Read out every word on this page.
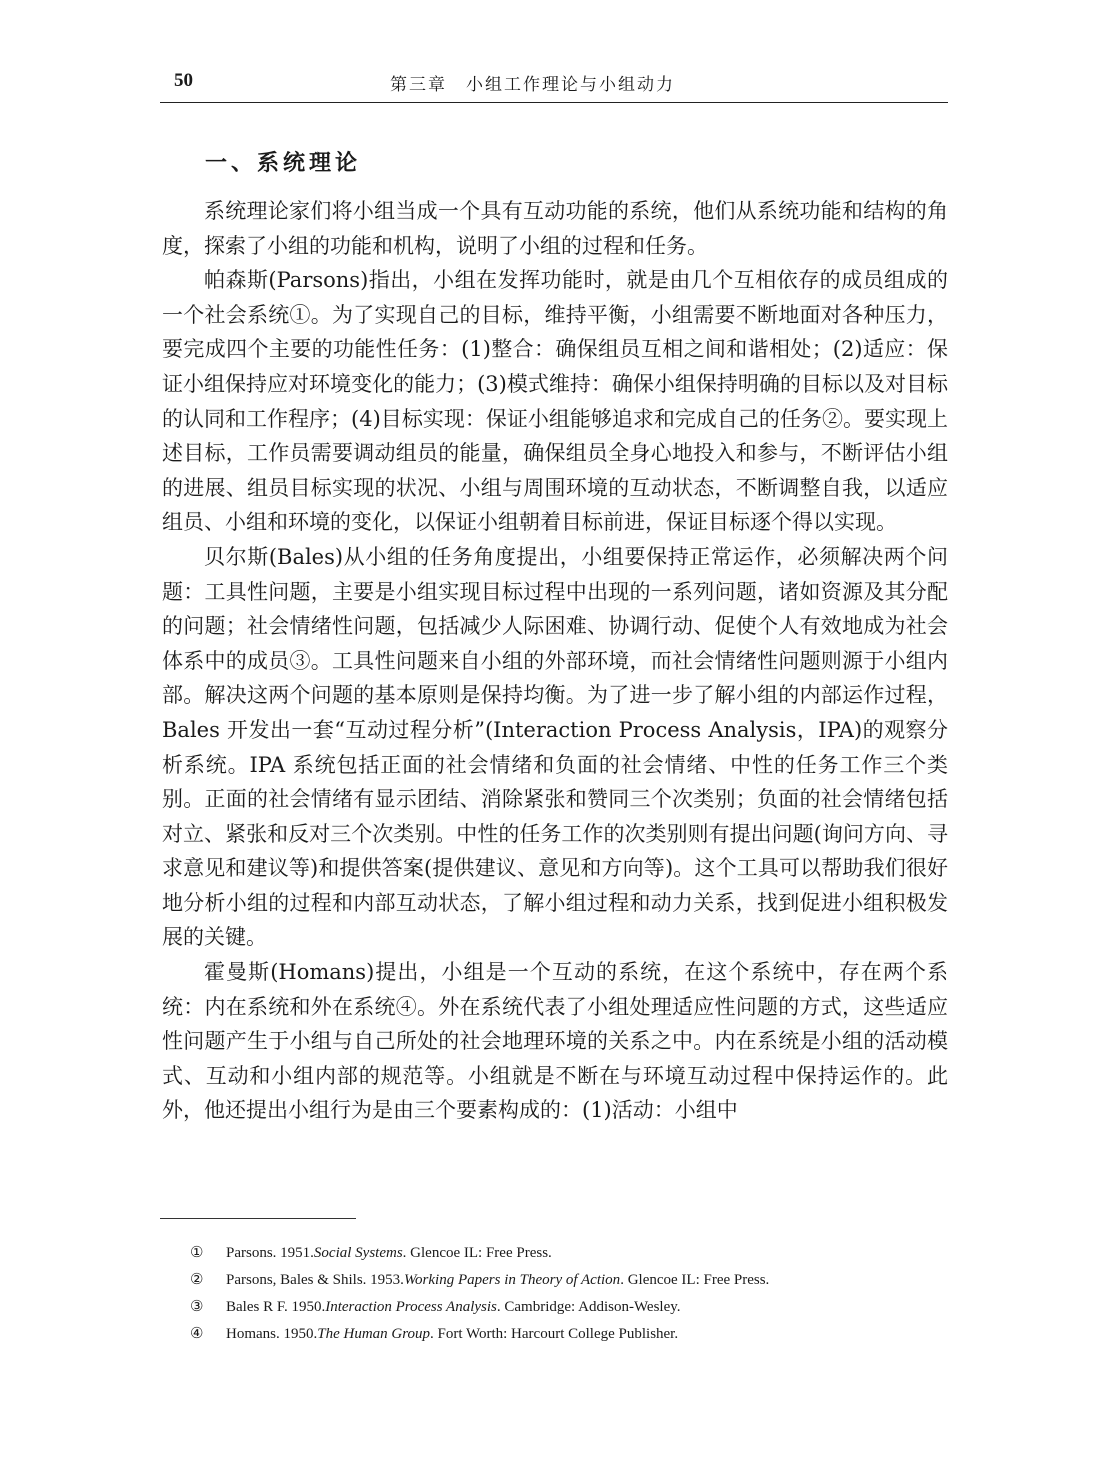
50	第三章　小组工作理论与小组动力
一、系统理论

系统理论家们将小组当成一个具有互动功能的系统，他们从系统功能和结构的角度，探索了小组的功能和机构，说明了小组的过程和任务。

帕森斯(Parsons)指出，小组在发挥功能时，就是由几个互相依存的成员组成的一个社会系统①。为了实现自己的目标，维持平衡，小组需要不断地面对各种压力，要完成四个主要的功能性任务：(1)整合：确保组员互相之间和谐相处；(2)适应：保证小组保持应对环境变化的能力；(3)模式维持：确保小组保持明确的目标以及对目标的认同和工作程序；(4)目标实现：保证小组能够追求和完成自己的任务②。要实现上述目标，工作员需要调动组员的能量，确保组员全身心地投入和参与，不断评估小组的进展、组员目标实现的状况、小组与周围环境的互动状态，不断调整自我，以适应组员、小组和环境的变化，以保证小组朝着目标前进，保证目标逐个得以实现。

贝尔斯(Bales)从小组的任务角度提出，小组要保持正常运作，必须解决两个问题：工具性问题，主要是小组实现目标过程中出现的一系列问题，诸如资源及其分配的问题；社会情绪性问题，包括减少人际困难、协调行动、促使个人有效地成为社会体系中的成员③。工具性问题来自小组的外部环境，而社会情绪性问题则源于小组内部。解决这两个问题的基本原则是保持均衡。为了进一步了解小组的内部运作过程，Bales 开发出一套“互动过程分析”(Interaction Process Analysis，IPA)的观察分析系统。IPA 系统包括正面的社会情绪和负面的社会情绪、中性的任务工作三个类别。正面的社会情绪有显示团结、消除紧张和赞同三个次类别；负面的社会情绪包括对立、紧张和反对三个次类别。中性的任务工作的次类别则有提出问题(询问方向、寻求意见和建议等)和提供答案(提供建议、意见和方向等)。这个工具可以帮助我们很好地分析小组的过程和内部互动状态，了解小组过程和动力关系，找到促进小组积极发展的关键。

霍曼斯(Homans)提出，小组是一个互动的系统，在这个系统中，存在两个系统：内在系统和外在系统④。外在系统代表了小组处理适应性问题的方式，这些适应性问题产生于小组与自己所处的社会地理环境的关系之中。内在系统是小组的活动模式、互动和小组内部的规范等。小组就是不断在与环境互动过程中保持运作的。此外，他还提出小组行为是由三个要素构成的：(1)活动：小组中

①	Parsons. 1951. Social Systems . Glencoe IL: Free Press.
②	Parsons, Bales & Shils. 1953. Working Papers in Theory of Action . Glencoe IL: Free Press.
③	Bales R F. 1950. Interaction Process Analysis . Cambridge: Addison-Wesley.
④	Homans. 1950. The Human Group . Fort Worth: Harcourt College Publisher.
